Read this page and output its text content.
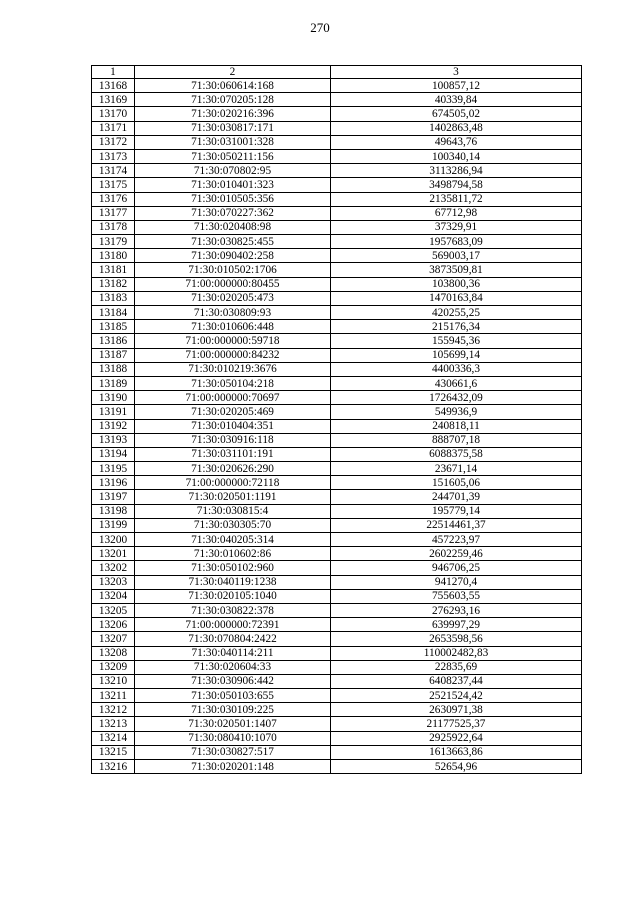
270
1	2	3
13168	71:30:060614:168	100857,12
13169	71:30:070205:128	40339,84
13170	71:30:020216:396	674505,02
13171	71:30:030817:171	1402863,48
13172	71:30:031001:328	49643,76
13173	71:30:050211:156	100340,14
13174	71:30:070802:95	3113286,94
13175	71:30:010401:323	3498794,58
13176	71:30:010505:356	2135811,72
13177	71:30:070227:362	67712,98
13178	71:30:020408:98	37329,91
13179	71:30:030825:455	1957683,09
13180	71:30:090402:258	569003,17
13181	71:30:010502:1706	3873509,81
13182	71:00:000000:80455	103800,36
13183	71:30:020205:473	1470163,84
13184	71:30:030809:93	420255,25
13185	71:30:010606:448	215176,34
13186	71:00:000000:59718	155945,36
13187	71:00:000000:84232	105699,14
13188	71:30:010219:3676	4400336,3
13189	71:30:050104:218	430661,6
13190	71:00:000000:70697	1726432,09
13191	71:30:020205:469	549936,9
13192	71:30:010404:351	240818,11
13193	71:30:030916:118	888707,18
13194	71:30:031101:191	6088375,58
13195	71:30:020626:290	23671,14
13196	71:00:000000:72118	151605,06
13197	71:30:020501:1191	244701,39
13198	71:30:030815:4	195779,14
13199	71:30:030305:70	22514461,37
13200	71:30:040205:314	457223,97
13201	71:30:010602:86	2602259,46
13202	71:30:050102:960	946706,25
13203	71:30:040119:1238	941270,4
13204	71:30:020105:1040	755603,55
13205	71:30:030822:378	276293,16
13206	71:00:000000:72391	639997,29
13207	71:30:070804:2422	2653598,56
13208	71:30:040114:211	110002482,83
13209	71:30:020604:33	22835,69
13210	71:30:030906:442	6408237,44
13211	71:30:050103:655	2521524,42
13212	71:30:030109:225	2630971,38
13213	71:30:020501:1407	21177525,37
13214	71:30:080410:1070	2925922,64
13215	71:30:030827:517	1613663,86
13216	71:30:020201:148	52654,96
